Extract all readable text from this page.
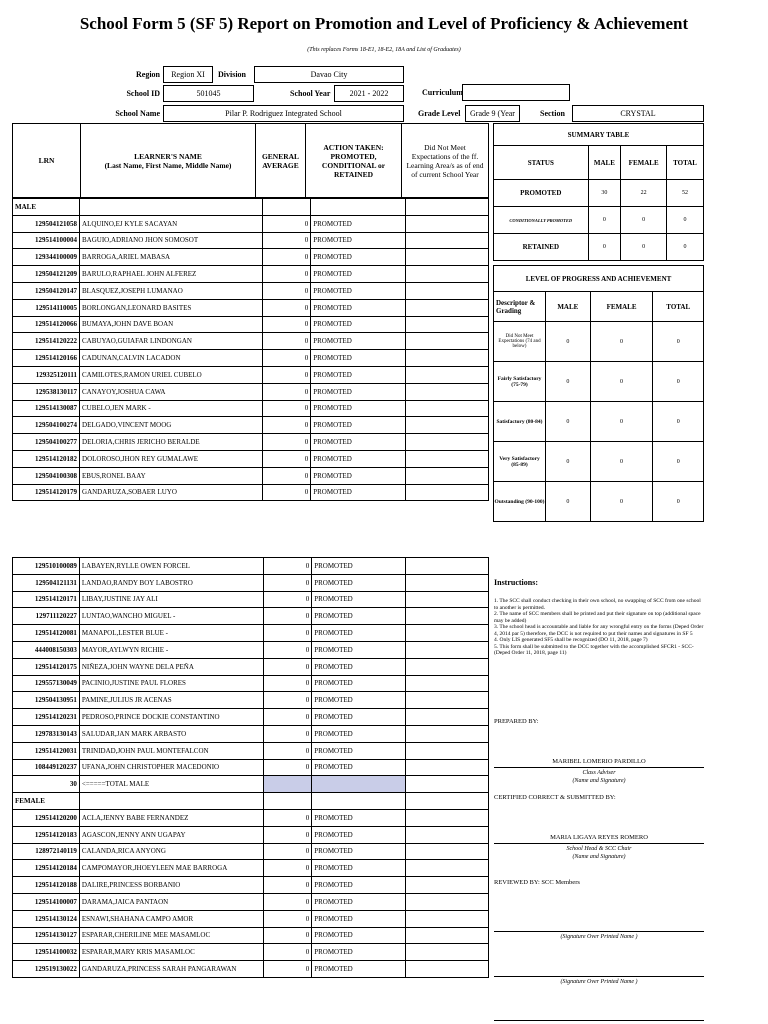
School Form 5 (SF 5) Report on Promotion and Level of Proficiency & Achievement
(This replaces Forms 18-E1, 18-E2, 18A and List of Graduates)
Region	Region XI	Division	Davao City
Curriculum
School ID	501045	School Year	2021 - 2022
School Name	Pilar P. Rodriguez Integrated School	Grade Level	Grade 9 (Year	Section	CRYSTAL
LRN	LEARNER'S NAME
(Last Name, First Name, Middle Name)
GENERAL AVERAGE
ACTION TAKEN: PROMOTED, CONDITIONAL or RETAINED
Did Not Meet Expectations of the ff. Learning Area/s as of end of current School Year
MALE				
129504121058	ALQUINO,EJ KYLE SACAYAN	0	PROMOTED	
129514100004	BAGUIO,ADRIANO JHON SOMOSOT	0	PROMOTED	
129344100009	BARROGA,ARIEL MABASA	0	PROMOTED	
129504121209	BARULO,RAPHAEL JOHN ALFEREZ	0	PROMOTED	
129504120147	BLASQUEZ,JOSEPH LUMANAO	0	PROMOTED	
129514110005	BORLONGAN,LEONARD BASITES	0	PROMOTED	
129514120066	BUMAYA,JOHN DAVE BOAN	0	PROMOTED	
129514120222	CABUYAO,GUIAFAR LINDONGAN	0	PROMOTED	
129514120166	CADUNAN,CALVIN LACADON	0	PROMOTED	
129325120111	CAMILOTES,RAMON URIEL CUBELO	0	PROMOTED	
129538130117	CANAYOY,JOSHUA CAWA	0	PROMOTED	
129514130087	CUBELO,JEN MARK -	0	PROMOTED	
129504100274	DELGADO,VINCENT MOOG	0	PROMOTED	
129504100277	DELORIA,CHRIS JERICHO BERALDE	0	PROMOTED	
129514120182	DOLOROSO,JHON REY GUMALAWE	0	PROMOTED	
129504100308	EBUS,RONEL BAAY	0	PROMOTED	
129514120179	GANDARUZA,SOBAER LUYO	0	PROMOTED	
129510100089	LABAYEN,RYLLE OWEN FORCEL	0	PROMOTED	
129504121131	LANDAO,RANDY BOY LABOSTRO	0	PROMOTED	
129514120171	LIBAY,JUSTINE JAY ALI	0	PROMOTED	
129711120227	LUNTAO,WANCHO MIGUEL -	0	PROMOTED	
129514120081	MANAPOL,LESTER BLUE -	0	PROMOTED	
444008150303	MAYOR,AYLWYN RICHIE -	0	PROMOTED	
129514120175	NIÑEZA,JOHN WAYNE DELA PEÑA	0	PROMOTED	
129557130049	PACINIO,JUSTINE PAUL FLORES	0	PROMOTED	
129504130951	PAMINE,JULIUS JR ACENAS	0	PROMOTED	
129514120231	PEDROSO,PRINCE DOCKIE CONSTANTINO	0	PROMOTED	
129783130143	SALUDAR,JAN MARK ARBASTO	0	PROMOTED	
129514120031	TRINIDAD,JOHN PAUL MONTEFALCON	0	PROMOTED	
108449120237	UFANA,JOHN CHRISTOPHER MACEDONIO	0	PROMOTED	
30	<=====TOTAL MALE			
FEMALE				
129514120200	ACLA,JENNY BABE FERNANDEZ	0	PROMOTED	
129514120183	AGASCON,JENNY ANN UGAPAY	0	PROMOTED	
128972140119	CALANDA,RICA ANYONG	0	PROMOTED	
129514120184	CAMPOMAYOR,JHOEYLEEN MAE BARROGA	0	PROMOTED	
129514120188	DALIRE,PRINCESS BORBANIO	0	PROMOTED	
129514100007	DARAMA,JAICA PANTAON	0	PROMOTED	
129514130124	ESNAWI,SHAHANA CAMPO AMOR	0	PROMOTED	
129514130127	ESPARAR,CHERILINE MEE MASAMLOC	0	PROMOTED	
129514100032	ESPARAR,MARY KRIS MASAMLOC	0	PROMOTED	
129519130022	GANDARUZA,PRINCESS SARAH PANGARAWAN	0	PROMOTED	
SUMMARY TABLE			
STATUS	MALE	FEMALE	TOTAL
PROMOTED	30	22	52
CONDITIONALLY PROMOTED	0	0	0
RETAINED	0	0	0
LEVEL OF PROGRESS AND ACHIEVEMENT			
Descriptor & Grading	MALE	FEMALE	TOTAL
Did Not Meet Expectations (74 and below)	0	0	0
Fairly Satisfactory (75-79)	0	0	0
Satisfactory (80-84)	0	0	0
Very Satisfactory (85-89)	0	0	0
Outstanding (90-100)	0	0	0
Instructions:
1. The SCC shall conduct checking in their own school, no swapping of SCC from one school to another is permitted.
2. The name of SCC members shall be printed and put their signature on top (additional space may be added)
3. The school head is accountable and liable for any wrongful entry on the forms (Deped Order 4, 2014 par 5) therefore, the DCC is not required to put their names and signatures in SF 5
4. Only LIS generated SF5 shall be recognized (DO 11, 2018, page 7)
5. This form shall be submitted to the DCC together with the accomplished SFCR1 - SCC- (Deped Order 11, 2018, page 11)
PREPARED BY:
MARIBEL LOMERIO PARDILLO
Class Adviser
(Name and Signature)
CERTIFIED CORRECT & SUBMITTED BY:
MARIA LIGAYA REYES ROMERO
School Head & SCC Chair
(Name and Signature)
REVIEWED BY: SCC Members
(Signature Over Printed Name )
(Signature Over Printed Name )
